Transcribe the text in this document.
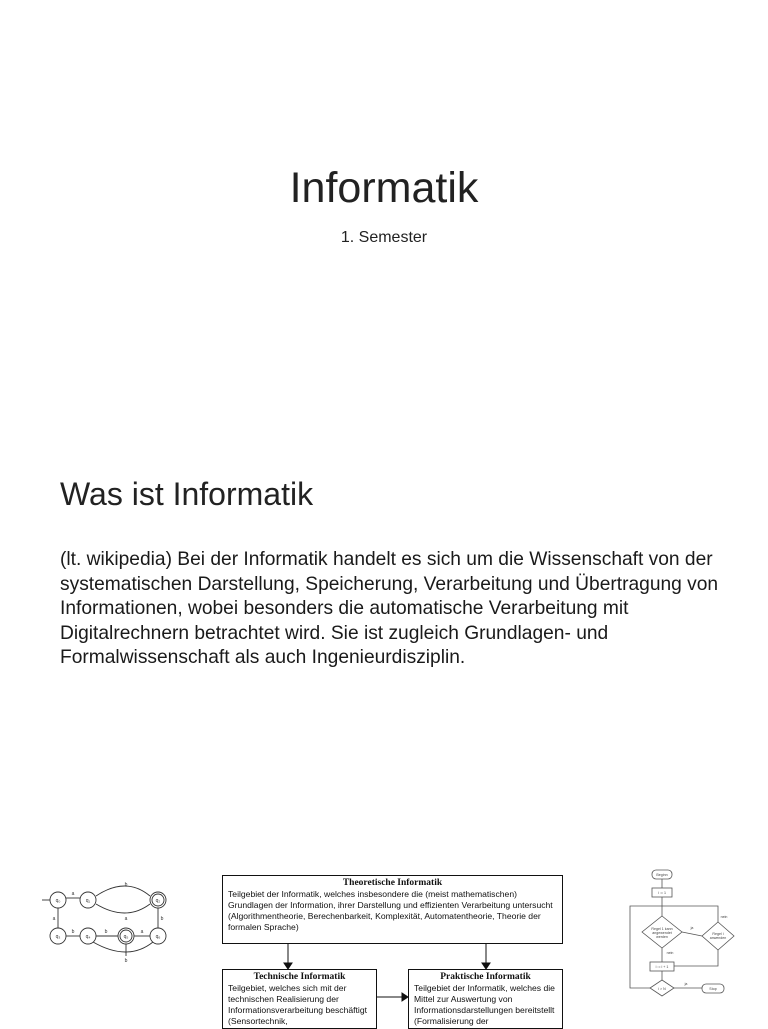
Informatik
1. Semester
Was ist Informatik

(lt. wikipedia) Bei der Informatik handelt es sich um die Wissenschaft von der systematischen Darstellung, Speicherung, Verarbeitung und Übertragung von Informationen, wobei besonders die automatische Verarbeitung mit Digitalrechnern betrachtet wird. Sie ist zugleich Grundlagen- und Formalwissenschaft als auch Ingenieurdisziplin.

q₀	q₁	q₂
q₃	q₄	q₅	q₆
a
b
a
b	b	a
a	b
b
Theoretische Informatik
Teilgebiet der Informatik, welches insbesondere die (meist mathematischen) Grundlagen der Information, ihrer Darstellung und effizienten Verarbeitung untersucht (Algorithmentheorie, Berechenbarkeit, Komplexität, Automatentheorie, Theorie der formalen Sprache)
Technische Informatik
Teilgebiet, welches sich mit der technischen Realisierung der Informationsverarbeitung beschäftigt (Sensortechnik,
Praktische Informatik
Teilgebiet der Informatik, welches die Mittel zur Auswertung von Informationsdarstellungen bereitstellt (Formalisierung der
Beginn
i := 1
Regel 1 kann
angewendet
werden
Regel i
anwenden
i := i + 1
i > N	Stop
nein
ja
nein
ja
